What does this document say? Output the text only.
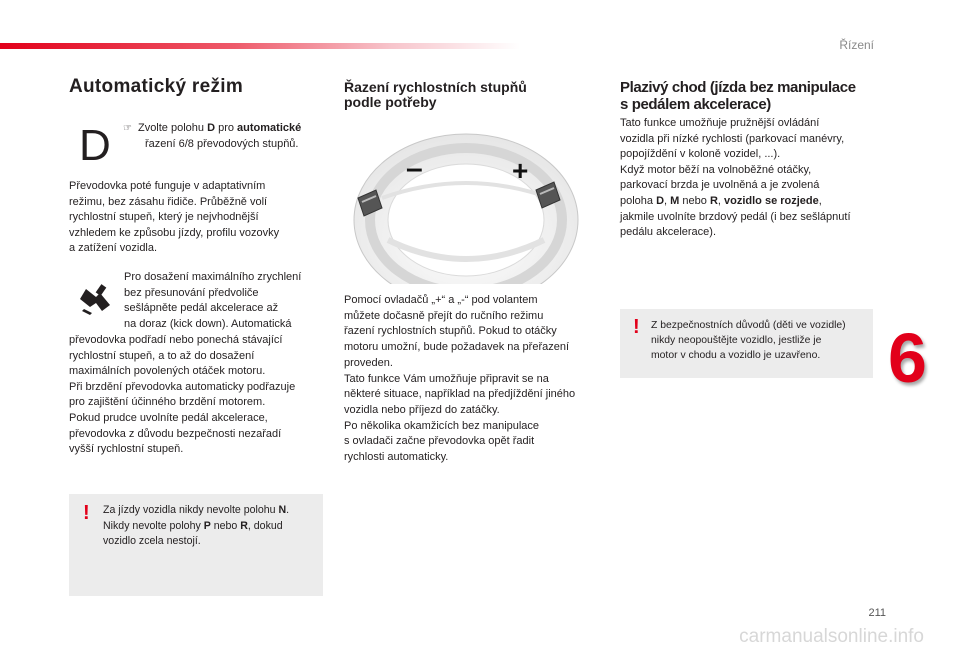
Řízení
Automatický režim
D ☞ Zvolte polohu D pro automatické
řazení 6/8 převodových stupňů.
Převodovka poté funguje v adaptativním
režimu, bez zásahu řidiče. Průběžně volí
rychlostní stupeň, který je nejvhodnější
vzhledem ke způsobu jízdy, profilu vozovky
a zatížení vozidla.
Pro dosažení maximálního zrychlení
bez přesunování předvoliče
sešlápněte pedál akcelerace až
na doraz (kick down). Automatická
převodovka podřadí nebo ponechá stávající
rychlostní stupeň, a to až do dosažení
maximálních povolených otáček motoru.
Při brzdění převodovka automaticky podřazuje
pro zajištění účinného brzdění motorem.
Pokud prudce uvolníte pedál akcelerace,
převodovka z důvodu bezpečnosti nezařadí
vyšší rychlostní stupeň.
! Za jízdy vozidla nikdy nevolte polohu N.
Nikdy nevolte polohy P nebo R, dokud
vozidlo zcela nestojí.
Řazení rychlostních stupňů
podle potřeby
–	+
Pomocí ovladačů „+“ a „-“ pod volantem
můžete dočasně přejít do ručního režimu
řazení rychlostních stupňů. Pokud to otáčky
motoru umožní, bude požadavek na přeřazení
proveden.
Tato funkce Vám umožňuje připravit se na
některé situace, například na předjíždění jiného
vozidla nebo příjezd do zatáčky.
Po několika okamžicích bez manipulace
s ovladači začne převodovka opět řadit
rychlosti automaticky.
Plazivý chod (jízda bez manipulace
s pedálem akcelerace)
Tato funkce umožňuje pružnější ovládání
vozidla při nízké rychlosti (parkovací manévry,
popojíždění v koloně vozidel, ...).
Když motor běží na volnoběžné otáčky,
parkovací brzda je uvolněná a je zvolená
poloha D, M nebo R, vozidlo se rozjede,
jakmile uvolníte brzdový pedál (i bez sešlápnutí
pedálu akcelerace).
! Z bezpečnostních důvodů (děti ve vozidle)
nikdy neopouštějte vozidlo, jestliže je
motor v chodu a vozidlo je uzavřeno. 6
211
carmanualsonline.info
